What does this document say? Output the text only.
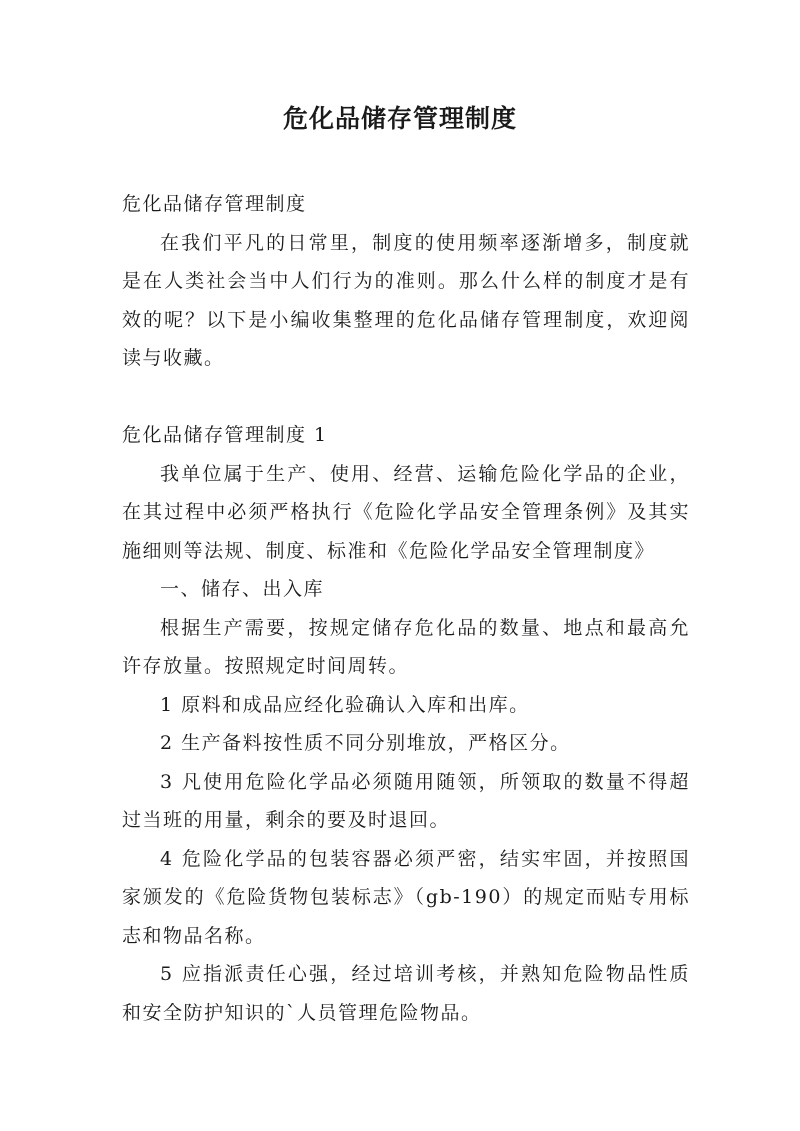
危化品储存管理制度

危化品储存管理制度

在我们平凡的日常里，制度的使用频率逐渐增多，制度就是在人类社会当中人们行为的准则。那么什么样的制度才是有效的呢？以下是小编收集整理的危化品储存管理制度，欢迎阅读与收藏。

危化品储存管理制度 1

我单位属于生产、使用、经营、运输危险化学品的企业，在其过程中必须严格执行《危险化学品安全管理条例》及其实施细则等法规、制度、标准和《危险化学品安全管理制度》

一、储存、出入库

根据生产需要，按规定储存危化品的数量、地点和最高允许存放量。按照规定时间周转。

1 原料和成品应经化验确认入库和出库。

2 生产备料按性质不同分别堆放，严格区分。

3 凡使用危险化学品必须随用随领，所领取的数量不得超过当班的用量，剩余的要及时退回。

4 危险化学品的包装容器必须严密，结实牢固，并按照国家颁发的《危险货物包装标志》（gb-190）的规定而贴专用标志和物品名称。

5 应指派责任心强，经过培训考核，并熟知危险物品性质和安全防护知识的`人员管理危险物品。
